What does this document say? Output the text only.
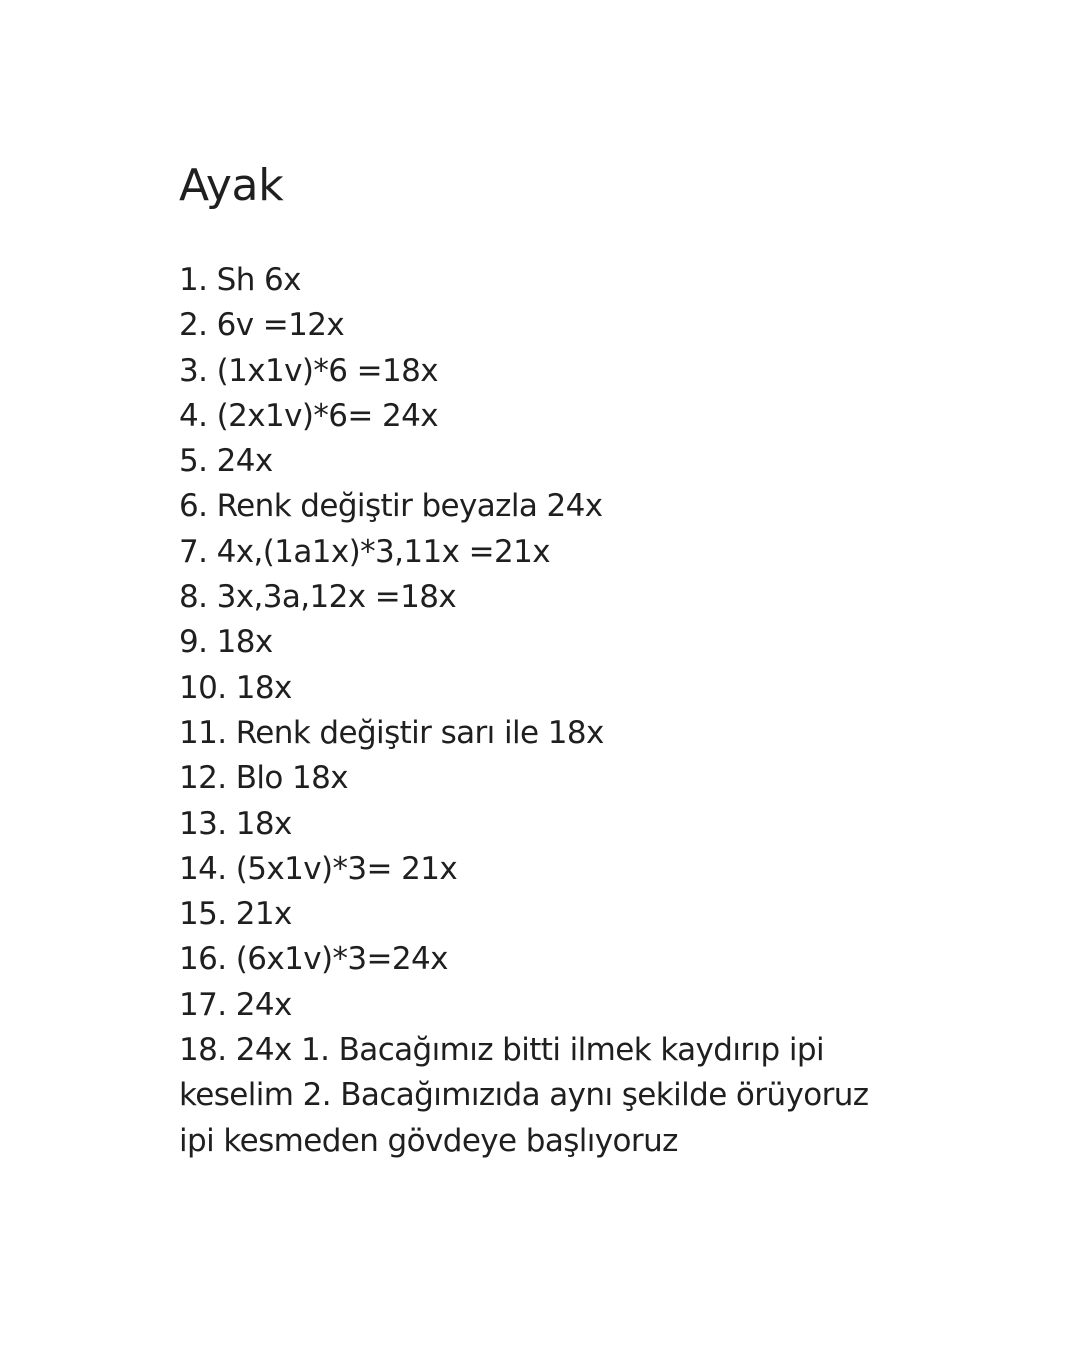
Ayak
1. Sh 6x
2. 6v =12x
3. (1x1v)*6 =18x
4. (2x1v)*6= 24x
5. 24x
6. Renk değiştir beyazla 24x
7. 4x,(1a1x)*3,11x =21x
8. 3x,3a,12x =18x
9. 18x
10. 18x
11. Renk değiştir sarı ile 18x
12. Blo 18x
13. 18x
14. (5x1v)*3= 21x
15. 21x
16. (6x1v)*3=24x
17. 24x
18. 24x 1. Bacağımız bitti ilmek kaydırıp ipi keselim 2. Bacağımızıda aynı şekilde örüyoruz ipi kesmeden gövdeye başlıyoruz
